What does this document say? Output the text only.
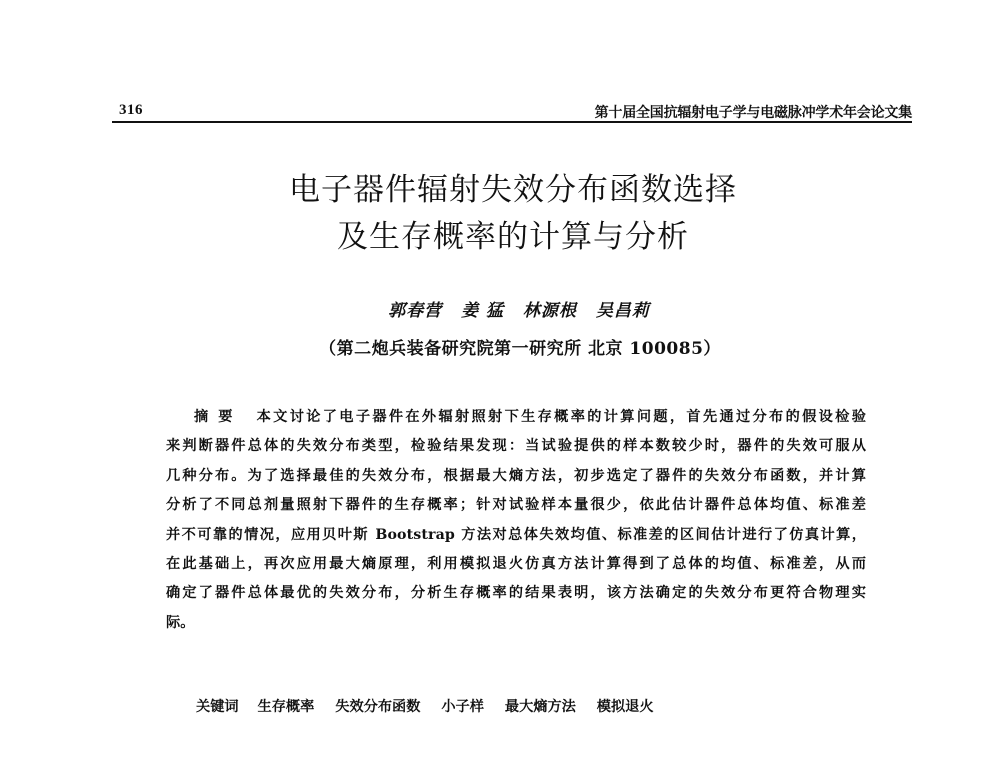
316	第十届全国抗辐射电子学与电磁脉冲学术年会论文集
电子器件辐射失效分布函数选择
及生存概率的计算与分析
郭春营 姜 猛 林源根 吴昌莉
（第二炮兵装备研究院第一研究所 北京 100085）
摘要 本文讨论了电子器件在外辐射照射下生存概率的计算问题，首先通过分布的假设检验
来判断器件总体的失效分布类型，检验结果发现：当试验提供的样本数较少时，器件的失效可服从
几种分布。为了选择最佳的失效分布，根据最大熵方法，初步选定了器件的失效分布函数，并计算
分析了不同总剂量照射下器件的生存概率；针对试验样本量很少，依此估计器件总体均值、标准差
并不可靠的情况，应用贝叶斯 Bootstrap 方法对总体失效均值、标准差的区间估计进行了仿真计算，
在此基础上，再次应用最大熵原理，利用模拟退火仿真方法计算得到了总体的均值、标准差，从而
确定了器件总体最优的失效分布，分析生存概率的结果表明，该方法确定的失效分布更符合物理实
际。
关键词 生存概率 失效分布函数 小子样 最大熵方法 模拟退火
